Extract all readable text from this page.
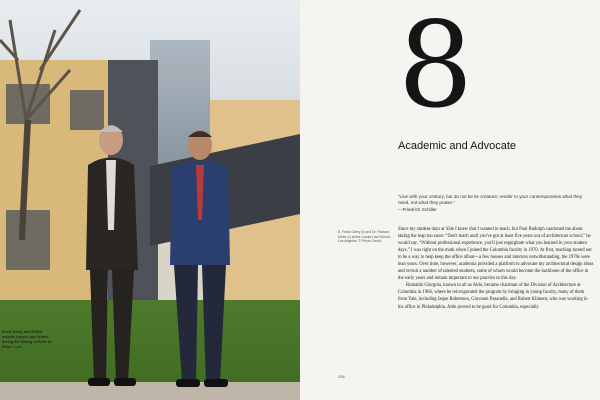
Frank Gehry and RAMS outside Loyola Law School during the filming of Pride of Place Credit
8
Academic and Advocate
“Live with your century, but do not be its creature; render to your contemporaries what they need, not what they praise.”
—Friedrich Schiller
8. Frank Gehry (l) and Dr. Richard Meier (r) at the Loyola Law School, Los Angeles. © Photo Credit.

Since my student days at Yale I knew that I wanted to teach, but Paul Rudolph cautioned me about taking the leap too soon: “Don't teach until you've got at least five years out of architecture school,” he would say. “Without professional experience, you'll just regurgitate what you learned in your student days.” I was right on the mark when I joined the Columbia faculty in 1970. At first, teaching turned out to be a way to help keep the office afloat—a few houses and interiors notwithstanding, the 1970s were lean years. Over time, however, academia provided a platform to advocate my architectural design ideas and recruit a number of talented students, some of whom would become the backbone of the office in the early years and remain important to our practice to this day.

Romaldo Giurgola, known to all as Aldo, became chairman of the Division of Architecture at Columbia in 1966, where he reinvigorated the program by bringing in young faculty, many of them from Yale, including Jaque Robertson, Giovanni Pasanella, and Robert Kliment, who was working in his office in Philadelphia. Aldo proved to be good for Columbia, especially

206
